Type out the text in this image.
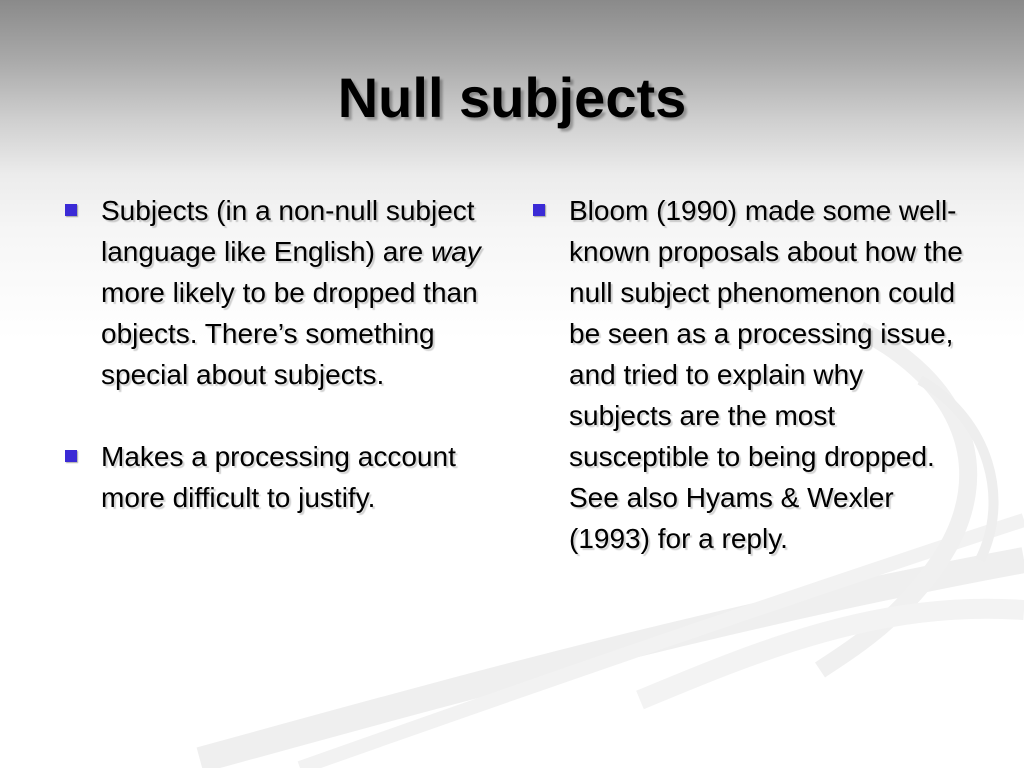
Null subjects
Subjects (in a non-null subject language like English) are way more likely to be dropped than objects. There’s something special about subjects.
Makes a processing account more difficult to justify.
Bloom (1990) made some well-known proposals about how the null subject phenomenon could be seen as a processing issue, and tried to explain why subjects are the most susceptible to being dropped. See also Hyams & Wexler (1993) for a reply.
